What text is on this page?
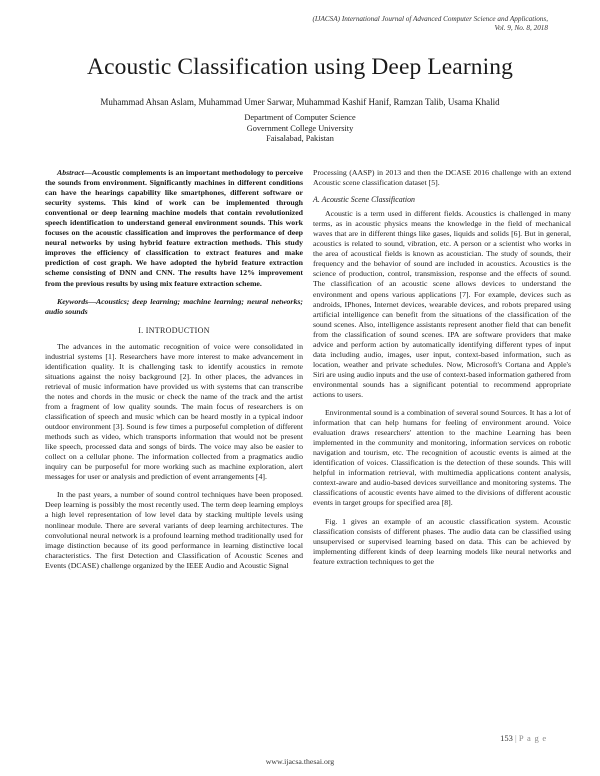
(IJACSA) International Journal of Advanced Computer Science and Applications,
Vol. 9, No. 8, 2018
Acoustic Classification using Deep Learning
Muhammad Ahsan Aslam, Muhammad Umer Sarwar, Muhammad Kashif Hanif, Ramzan Talib, Usama Khalid
Department of Computer Science
Government College University
Faisalabad, Pakistan

Abstract—Acoustic complements is an important methodology to perceive the sounds from environment. Significantly machines in different conditions can have the hearings capability like smartphones, different software or security systems. This kind of work can be implemented through conventional or deep learning machine models that contain revolutionized speech identification to understand general environment sounds. This work focuses on the acoustic classification and improves the performance of deep neural networks by using hybrid feature extraction methods. This study improves the efficiency of classification to extract features and make prediction of cost graph. We have adopted the hybrid feature extraction scheme consisting of DNN and CNN. The results have 12% improvement from the previous results by using mix feature extraction scheme.

Keywords—Acoustics; deep learning; machine learning; neural networks; audio sounds

I. INTRODUCTION

The advances in the automatic recognition of voice were consolidated in industrial systems [1]. Researchers have more interest to make advancement in identification quality. It is challenging task to identify acoustics in remote situations against the noisy background [2]. In other places, the advances in retrieval of music information have provided us with systems that can transcribe the notes and chords in the music or check the name of the track and the artist from a fragment of low quality sounds. The main focus of researchers is on classification of speech and music which can be heard mostly in a typical indoor outdoor environment [3]. Sound is few times a purposeful completion of different methods such as video, which transports information that would not be present like speech, processed data and songs of birds. The voice may also be easier to collect on a cellular phone. The information collected from a pragmatics audio inquiry can be purposeful for more working such as machine exploration, alert messages for user or analysis and prediction of event arrangements [4].

In the past years, a number of sound control techniques have been proposed. Deep learning is possibly the most recently used. The term deep learning employs a high level representation of low level data by stacking multiple levels using nonlinear module. There are several variants of deep learning architectures. The convolutional neural network is a profound learning method traditionally used for image distinction because of its good performance in learning distinctive local characteristics. The first Detection and Classification of Acoustic Scenes and Events (DCASE) challenge organized by the IEEE Audio and Acoustic Signal

Processing (AASP) in 2013 and then the DCASE 2016 challenge with an extend Acoustic scene classification dataset [5].

A. Acoustic Scene Classification

Acoustic is a term used in different fields. Acoustics is challenged in many terms, as in acoustic physics means the knowledge in the field of mechanical waves that are in different things like gases, liquids and solids [6]. But in general, acoustics is related to sound, vibration, etc. A person or a scientist who works in the area of acoustical fields is known as acoustician. The study of sounds, their frequency and the behavior of sound are included in acoustics. Acoustics is the science of production, control, transmission, response and the effects of sound. The classification of an acoustic scene allows devices to understand the environment and opens various applications [7]. For example, devices such as androids, IPhones, Internet devices, wearable devices, and robots prepared using artificial intelligence can benefit from the situations of the classification of the sound scenes. Also, intelligence assistants represent another field that can benefit from the classification of sound scenes. IPA are software providers that make advice and perform action by automatically identifying different types of input data including audio, images, user input, context-based information, such as location, weather and private schedules. Now, Microsoft's Cortana and Apple's Siri are using audio inputs and the use of context-based information gathered from environmental sounds has a significant potential to recommend appropriate actions to users.

Environmental sound is a combination of several sound Sources. It has a lot of information that can help humans for feeling of environment around. Voice evaluation draws researchers' attention to the machine Learning has been implemented in the community and monitoring, information services on robotic navigation and tourism, etc. The recognition of acoustic events is aimed at the identification of voices. Classification is the detection of these sounds. This will helpful in information retrieval, with multimedia applications content analysis, context-aware and audio-based devices surveillance and monitoring systems. The classifications of acoustic events have aimed to the divisions of different acoustic events in target groups for specified area [8].

Fig. 1 gives an example of an acoustic classification system. Acoustic classification consists of different phases. The audio data can be classified using unsupervised or supervised learning based on data. This can be achieved by implementing different kinds of deep learning models like neural networks and feature extraction techniques to get the

153 | P a g e
www.ijacsa.thesai.org
